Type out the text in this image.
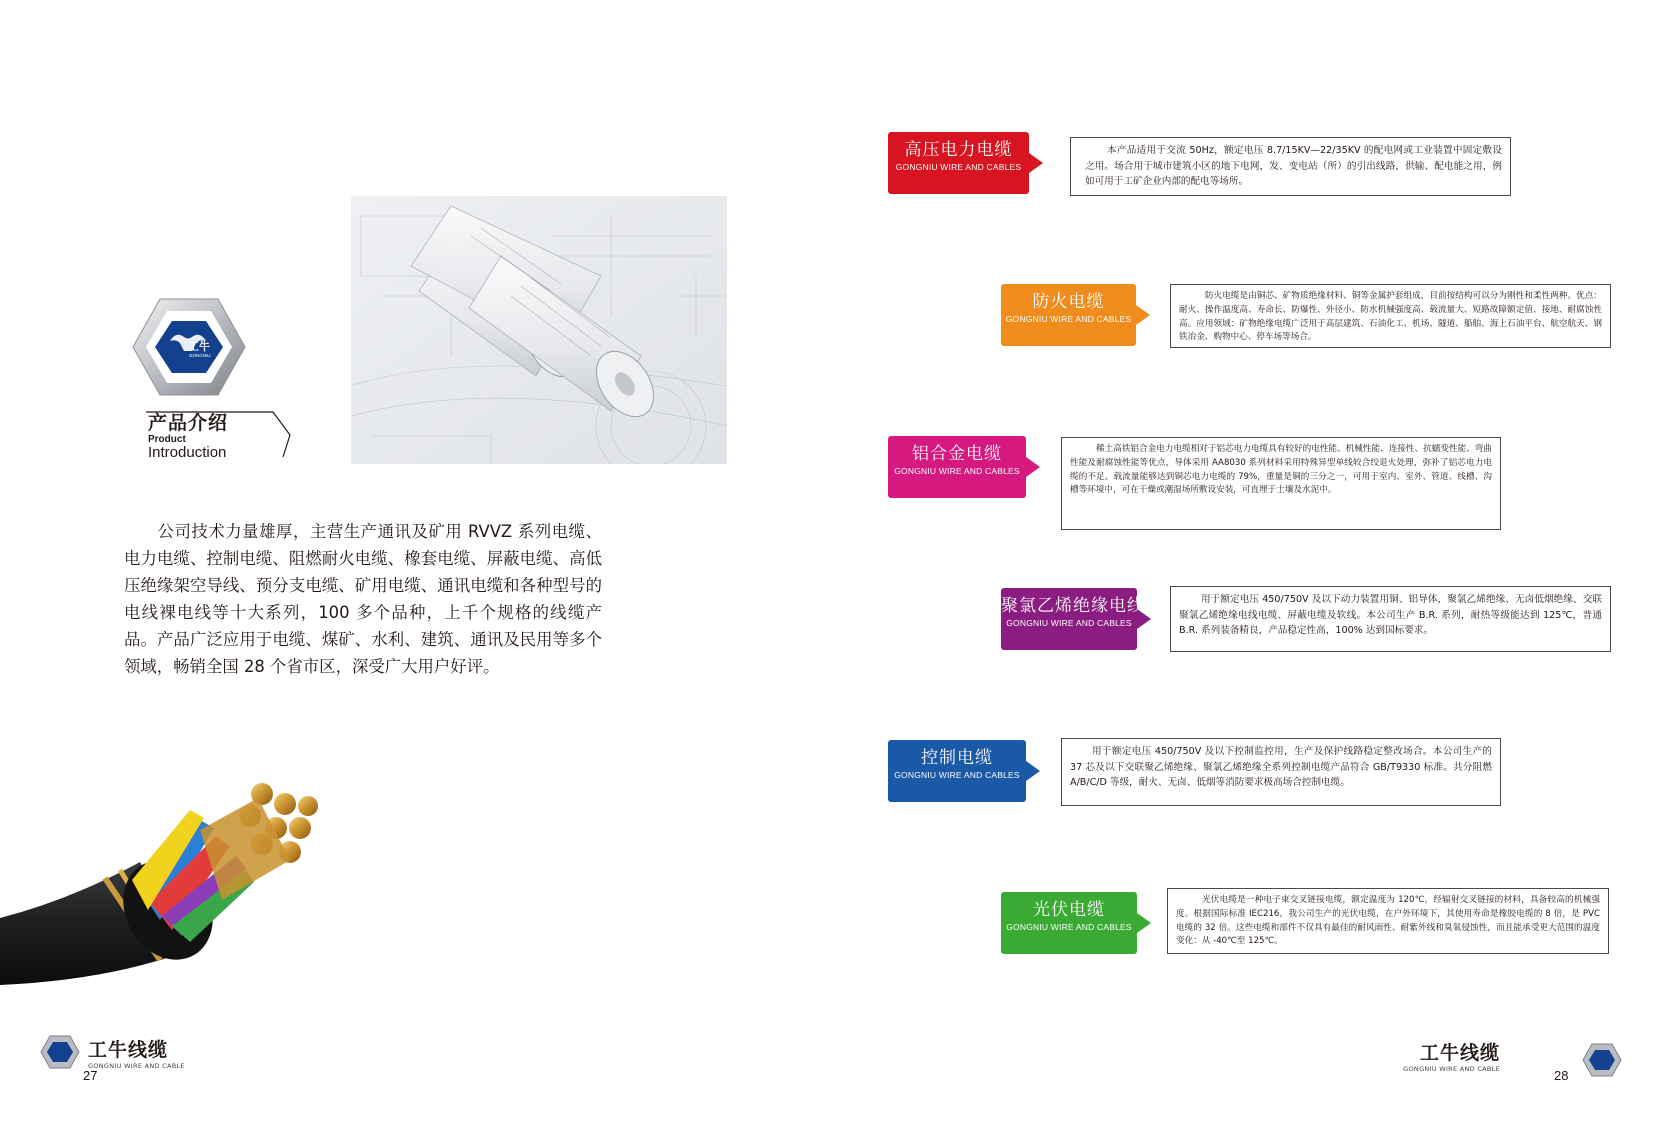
工牛
GONGNIU
产品介绍
Product
Introduction
公司技术力量雄厚，主营生产通讯及矿用 RVVZ 系列电缆、电力电缆、控制电缆、阻燃耐火电缆、橡套电缆、屏蔽电缆、高低压绝缘架空导线、预分支电缆、矿用电缆、通讯电缆和各种型号的电线裸电线等十大系列，100 多个品种，上千个规格的线缆产品。产品广泛应用于电缆、煤矿、水利、建筑、通讯及民用等多个领域，畅销全国 28 个省市区，深受广大用户好评。
工牛线缆
GONGNIU WIRE AND CABLE
27
高压电力电缆
GONGNIU WIRE AND CABLES
本产品适用于交流 50Hz，额定电压 8.7/15KV—22/35KV 的配电网或工业装置中固定敷设之用。场合用于城市建筑小区的地下电网，发、变电站（所）的引出线路，供输、配电能之用，例如可用于工矿企业内部的配电等场所。
防火电缆
GONGNIU WIRE AND CABLES
防火电缆是由铜芯、矿物质绝缘材料、铜等金属护套组成，目前按结构可以分为刚性和柔性两种。优点：耐火、操作温度高、寿命长、防爆性、外径小、防水机械强度高、载流量大、短路故障额定值、接地、耐腐蚀性高。应用领域：矿物绝缘电缆广泛用于高层建筑、石油化工、机场、隧道、船舶、海上石油平台、航空航天、钢铁冶金、购物中心、停车场等场合。
铝合金电缆
GONGNIU WIRE AND CABLES
稀土高铁铝合金电力电缆相对于铝芯电力电缆具有较好的电性能、机械性能、连接性、抗蠕变性能、弯曲性能及耐腐蚀性能等优点，导体采用 AA8030 系列材料采用特殊异型单线较合绞退火处理，弥补了铝芯电力电缆的不足。载流量能够达到铜芯电力电缆的 79%，重量是铜的三分之一，可用于室内、室外、管道、线槽、沟槽等环境中，可在干燥或潮湿场所敷设安装，可直埋于土壤及水泥中。
聚氯乙烯绝缘电线
GONGNIU WIRE AND CABLES
用于额定电压 450/750V 及以下动力装置用铜、铝导体，聚氯乙烯绝缘、无卤低烟绝缘、交联聚氯乙烯绝缘电线电缆、屏蔽电缆及软线。本公司生产 B.R. 系列，耐热等级能达到 125℃，普通 B.R. 系列装备精良，产品稳定性高，100% 达到国标要求。
控制电缆
GONGNIU WIRE AND CABLES
用于额定电压 450/750V 及以下控制监控用，生产及保护线路稳定整改场合。本公司生产的 37 芯及以下交联聚乙烯绝缘、聚氯乙烯绝缘全系列控制电缆产品符合 GB/T9330 标准。共分阻燃 A/B/C/D 等级，耐火、无卤、低烟等消防要求极高场合控制电缆。
光伏电缆
GONGNIU WIRE AND CABLES
光伏电缆是一种电子束交叉链接电缆，额定温度为 120℃，经辐射交叉链接的材料，具备较高的机械强度。根据国际标准 IEC216，我公司生产的光伏电缆，在户外环境下，其使用寿命是橡胶电缆的 8 倍，是 PVC 电缆的 32 倍。这些电缆和部件不仅具有最佳的耐风雨性、耐紫外线和臭氧侵蚀性，而且能承受更大范围的温度变化：从 -40℃至 125℃。
工牛线缆
GONGNIU WIRE AND CABLE	28
